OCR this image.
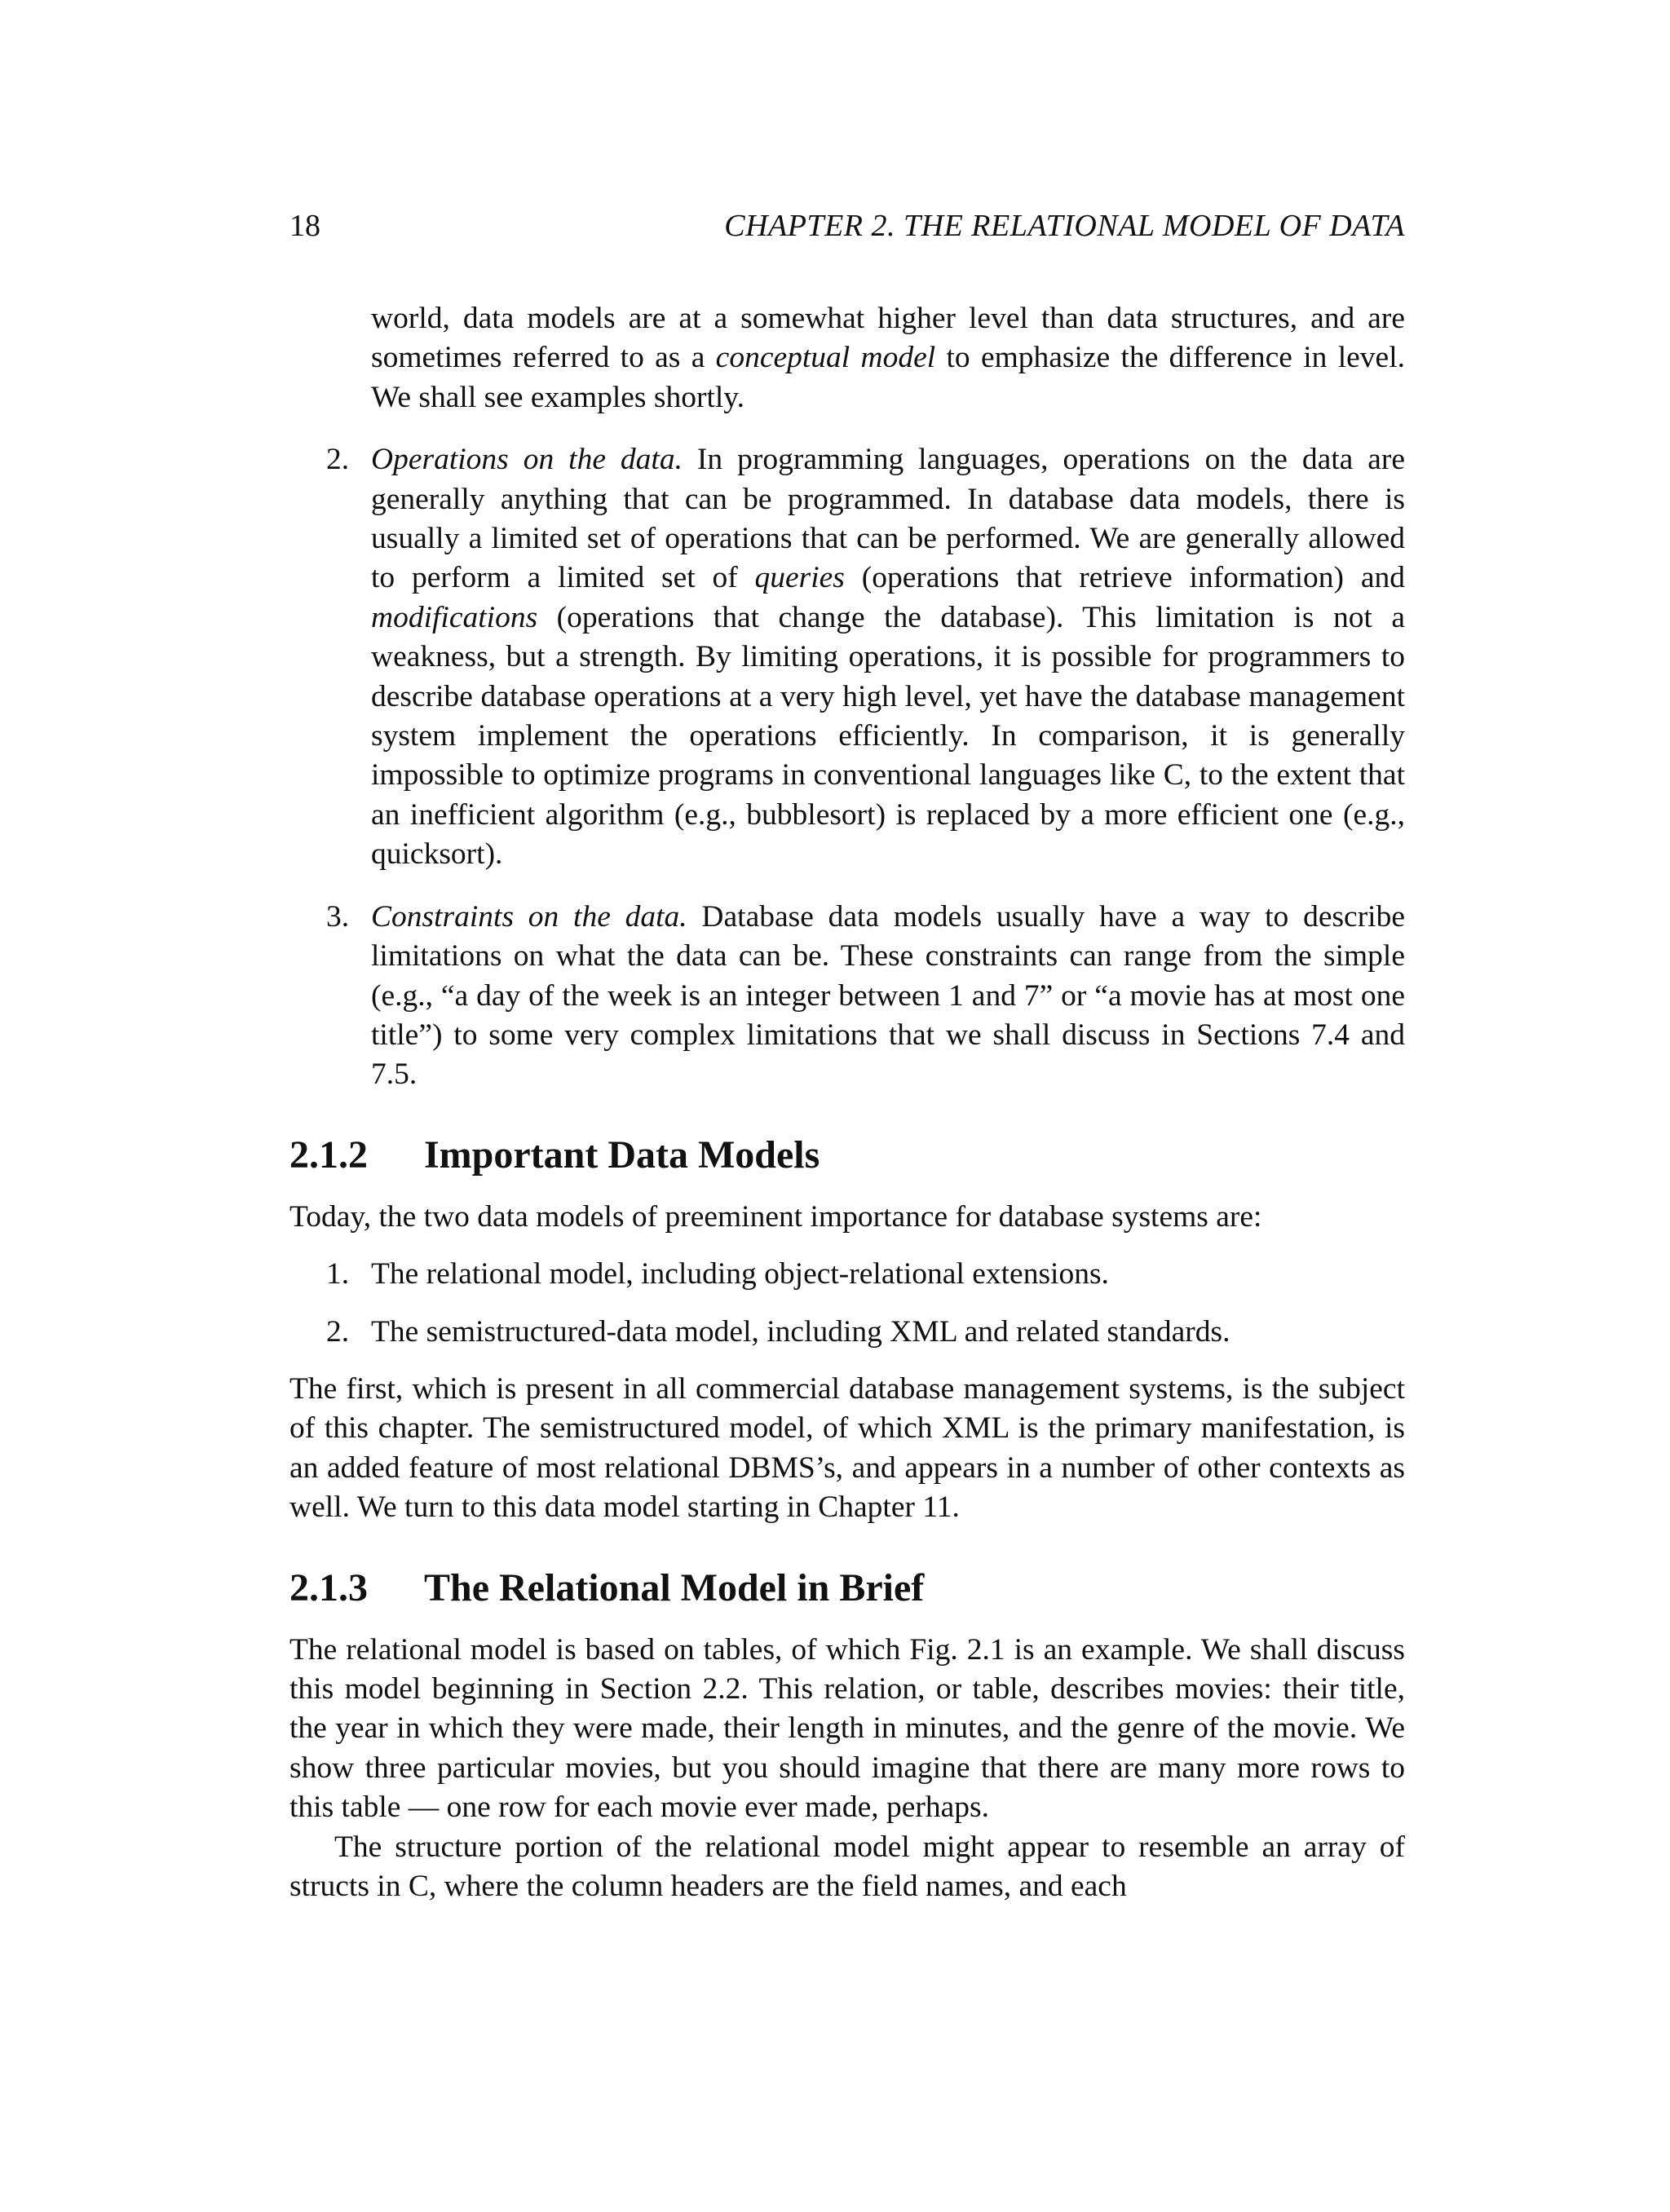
18	CHAPTER 2. THE RELATIONAL MODEL OF DATA

world, data models are at a somewhat higher level than data structures, and are sometimes referred to as a conceptual model to emphasize the difference in level. We shall see examples shortly.

2. Operations on the data. In programming languages, operations on the data are generally anything that can be programmed. In database data models, there is usually a limited set of operations that can be performed. We are generally allowed to perform a limited set of queries (operations that retrieve information) and modifications (operations that change the database). This limitation is not a weakness, but a strength. By limiting operations, it is possible for programmers to describe database operations at a very high level, yet have the database management system implement the operations efficiently. In comparison, it is generally impossible to optimize programs in conventional languages like C, to the extent that an inefficient algorithm (e.g., bubblesort) is replaced by a more efficient one (e.g., quicksort).

3. Constraints on the data. Database data models usually have a way to describe limitations on what the data can be. These constraints can range from the simple (e.g., “a day of the week is an integer between 1 and 7” or “a movie has at most one title”) to some very complex limitations that we shall discuss in Sections 7.4 and 7.5.

2.1.2 Important Data Models

Today, the two data models of preeminent importance for database systems are:

1. The relational model, including object-relational extensions.

2. The semistructured-data model, including XML and related standards.

The first, which is present in all commercial database management systems, is the subject of this chapter. The semistructured model, of which XML is the primary manifestation, is an added feature of most relational DBMS’s, and appears in a number of other contexts as well. We turn to this data model starting in Chapter 11.

2.1.3 The Relational Model in Brief

The relational model is based on tables, of which Fig. 2.1 is an example. We shall discuss this model beginning in Section 2.2. This relation, or table, describes movies: their title, the year in which they were made, their length in minutes, and the genre of the movie. We show three particular movies, but you should imagine that there are many more rows to this table — one row for each movie ever made, perhaps.

The structure portion of the relational model might appear to resemble an array of structs in C, where the column headers are the field names, and each
